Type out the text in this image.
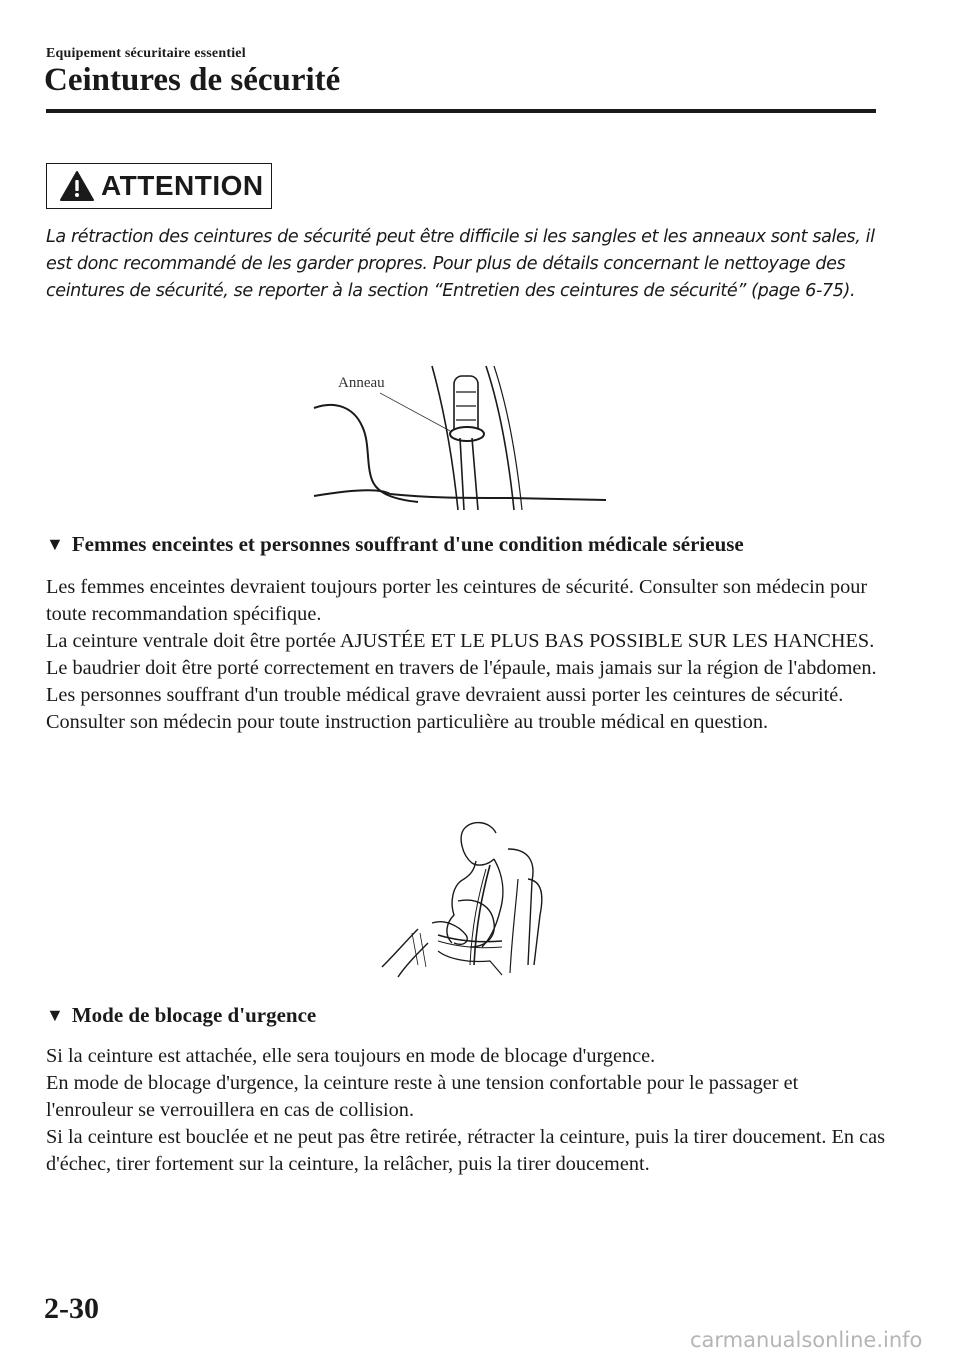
Equipement sécuritaire essentiel
Ceintures de sécurité
ATTENTION

La rétraction des ceintures de sécurité peut être difficile si les sangles et les anneaux sont sales, il est donc recommandé de les garder propres. Pour plus de détails concernant le nettoyage des ceintures de sécurité, se reporter à la section “Entretien des ceintures de sécurité” (page 6-75).

Anneau
▼ Femmes enceintes et personnes souffrant d'une condition médicale sérieuse

Les femmes enceintes devraient toujours porter les ceintures de sécurité. Consulter son médecin pour toute recommandation spécifique.

La ceinture ventrale doit être portée AJUSTÉE ET LE PLUS BAS POSSIBLE SUR LES HANCHES.

Le baudrier doit être porté correctement en travers de l'épaule, mais jamais sur la région de l'abdomen.

Les personnes souffrant d'un trouble médical grave devraient aussi porter les ceintures de sécurité. Consulter son médecin pour toute instruction particulière au trouble médical en question.

▼ Mode de blocage d'urgence

Si la ceinture est attachée, elle sera toujours en mode de blocage d'urgence.

En mode de blocage d'urgence, la ceinture reste à une tension confortable pour le passager et l'enrouleur se verrouillera en cas de collision.

Si la ceinture est bouclée et ne peut pas être retirée, rétracter la ceinture, puis la tirer doucement. En cas d'échec, tirer fortement sur la ceinture, la relâcher, puis la tirer doucement.

2-30
carmanualsonline.info
